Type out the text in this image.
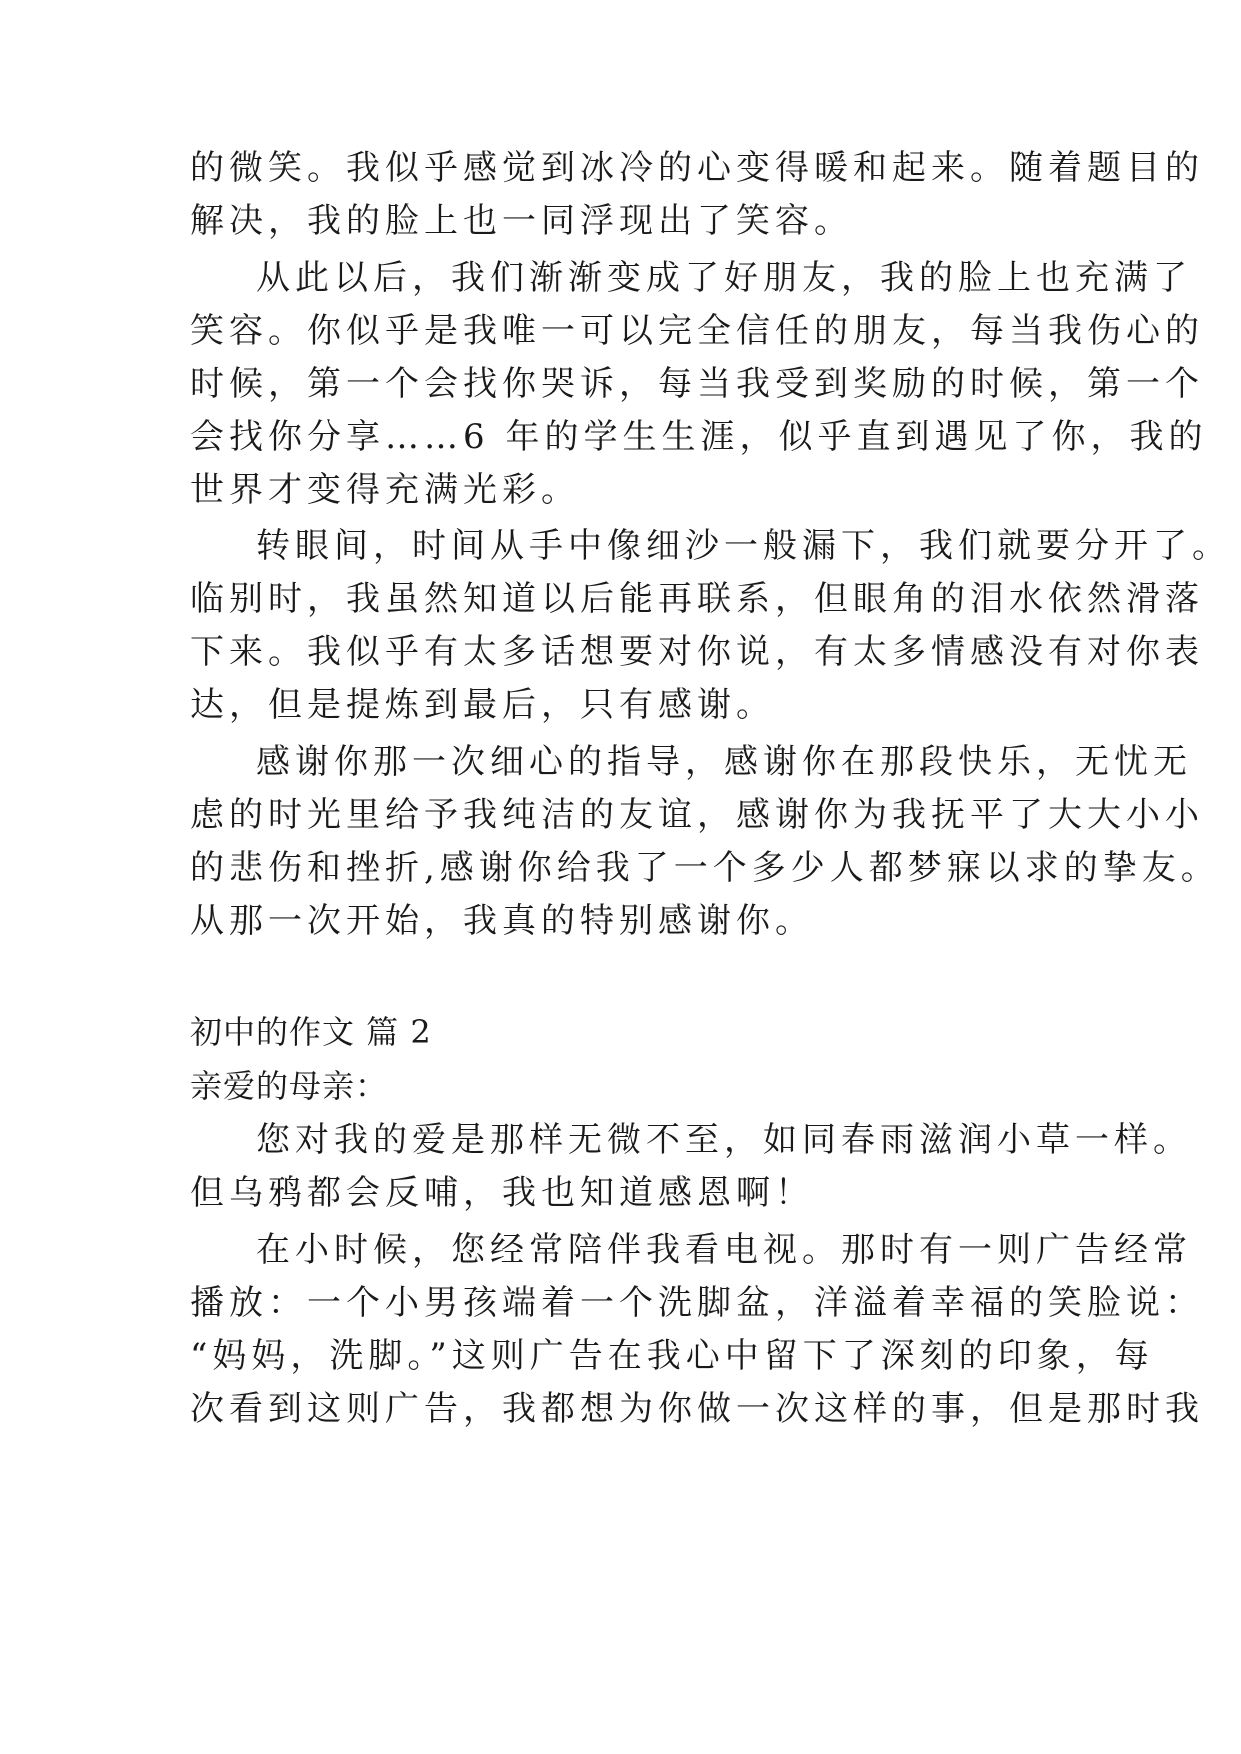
的微笑。我似乎感觉到冰冷的心变得暖和起来。随着题目的
解决，我的脸上也一同浮现出了笑容。
从此以后，我们渐渐变成了好朋友，我的脸上也充满了
笑容。你似乎是我唯一可以完全信任的朋友，每当我伤心的
时候，第一个会找你哭诉，每当我受到奖励的时候，第一个
会找你分享……6 年的学生生涯，似乎直到遇见了你，我的
世界才变得充满光彩。
转眼间，时间从手中像细沙一般漏下，我们就要分开了。
临别时，我虽然知道以后能再联系，但眼角的泪水依然滑落
下来。我似乎有太多话想要对你说，有太多情感没有对你表
达，但是提炼到最后，只有感谢。
感谢你那一次细心的指导，感谢你在那段快乐，无忧无
虑的时光里给予我纯洁的友谊，感谢你为我抚平了大大小小
的悲伤和挫折,感谢你给我了一个多少人都梦寐以求的挚友。
从那一次开始，我真的特别感谢你。
初中的作文 篇 2
亲爱的母亲：
您对我的爱是那样无微不至，如同春雨滋润小草一样。
但乌鸦都会反哺，我也知道感恩啊！
在小时候，您经常陪伴我看电视。那时有一则广告经常
播放：一个小男孩端着一个洗脚盆，洋溢着幸福的笑脸说：
“妈妈，洗脚。”这则广告在我心中留下了深刻的印象，每
次看到这则广告，我都想为你做一次这样的事，但是那时我
